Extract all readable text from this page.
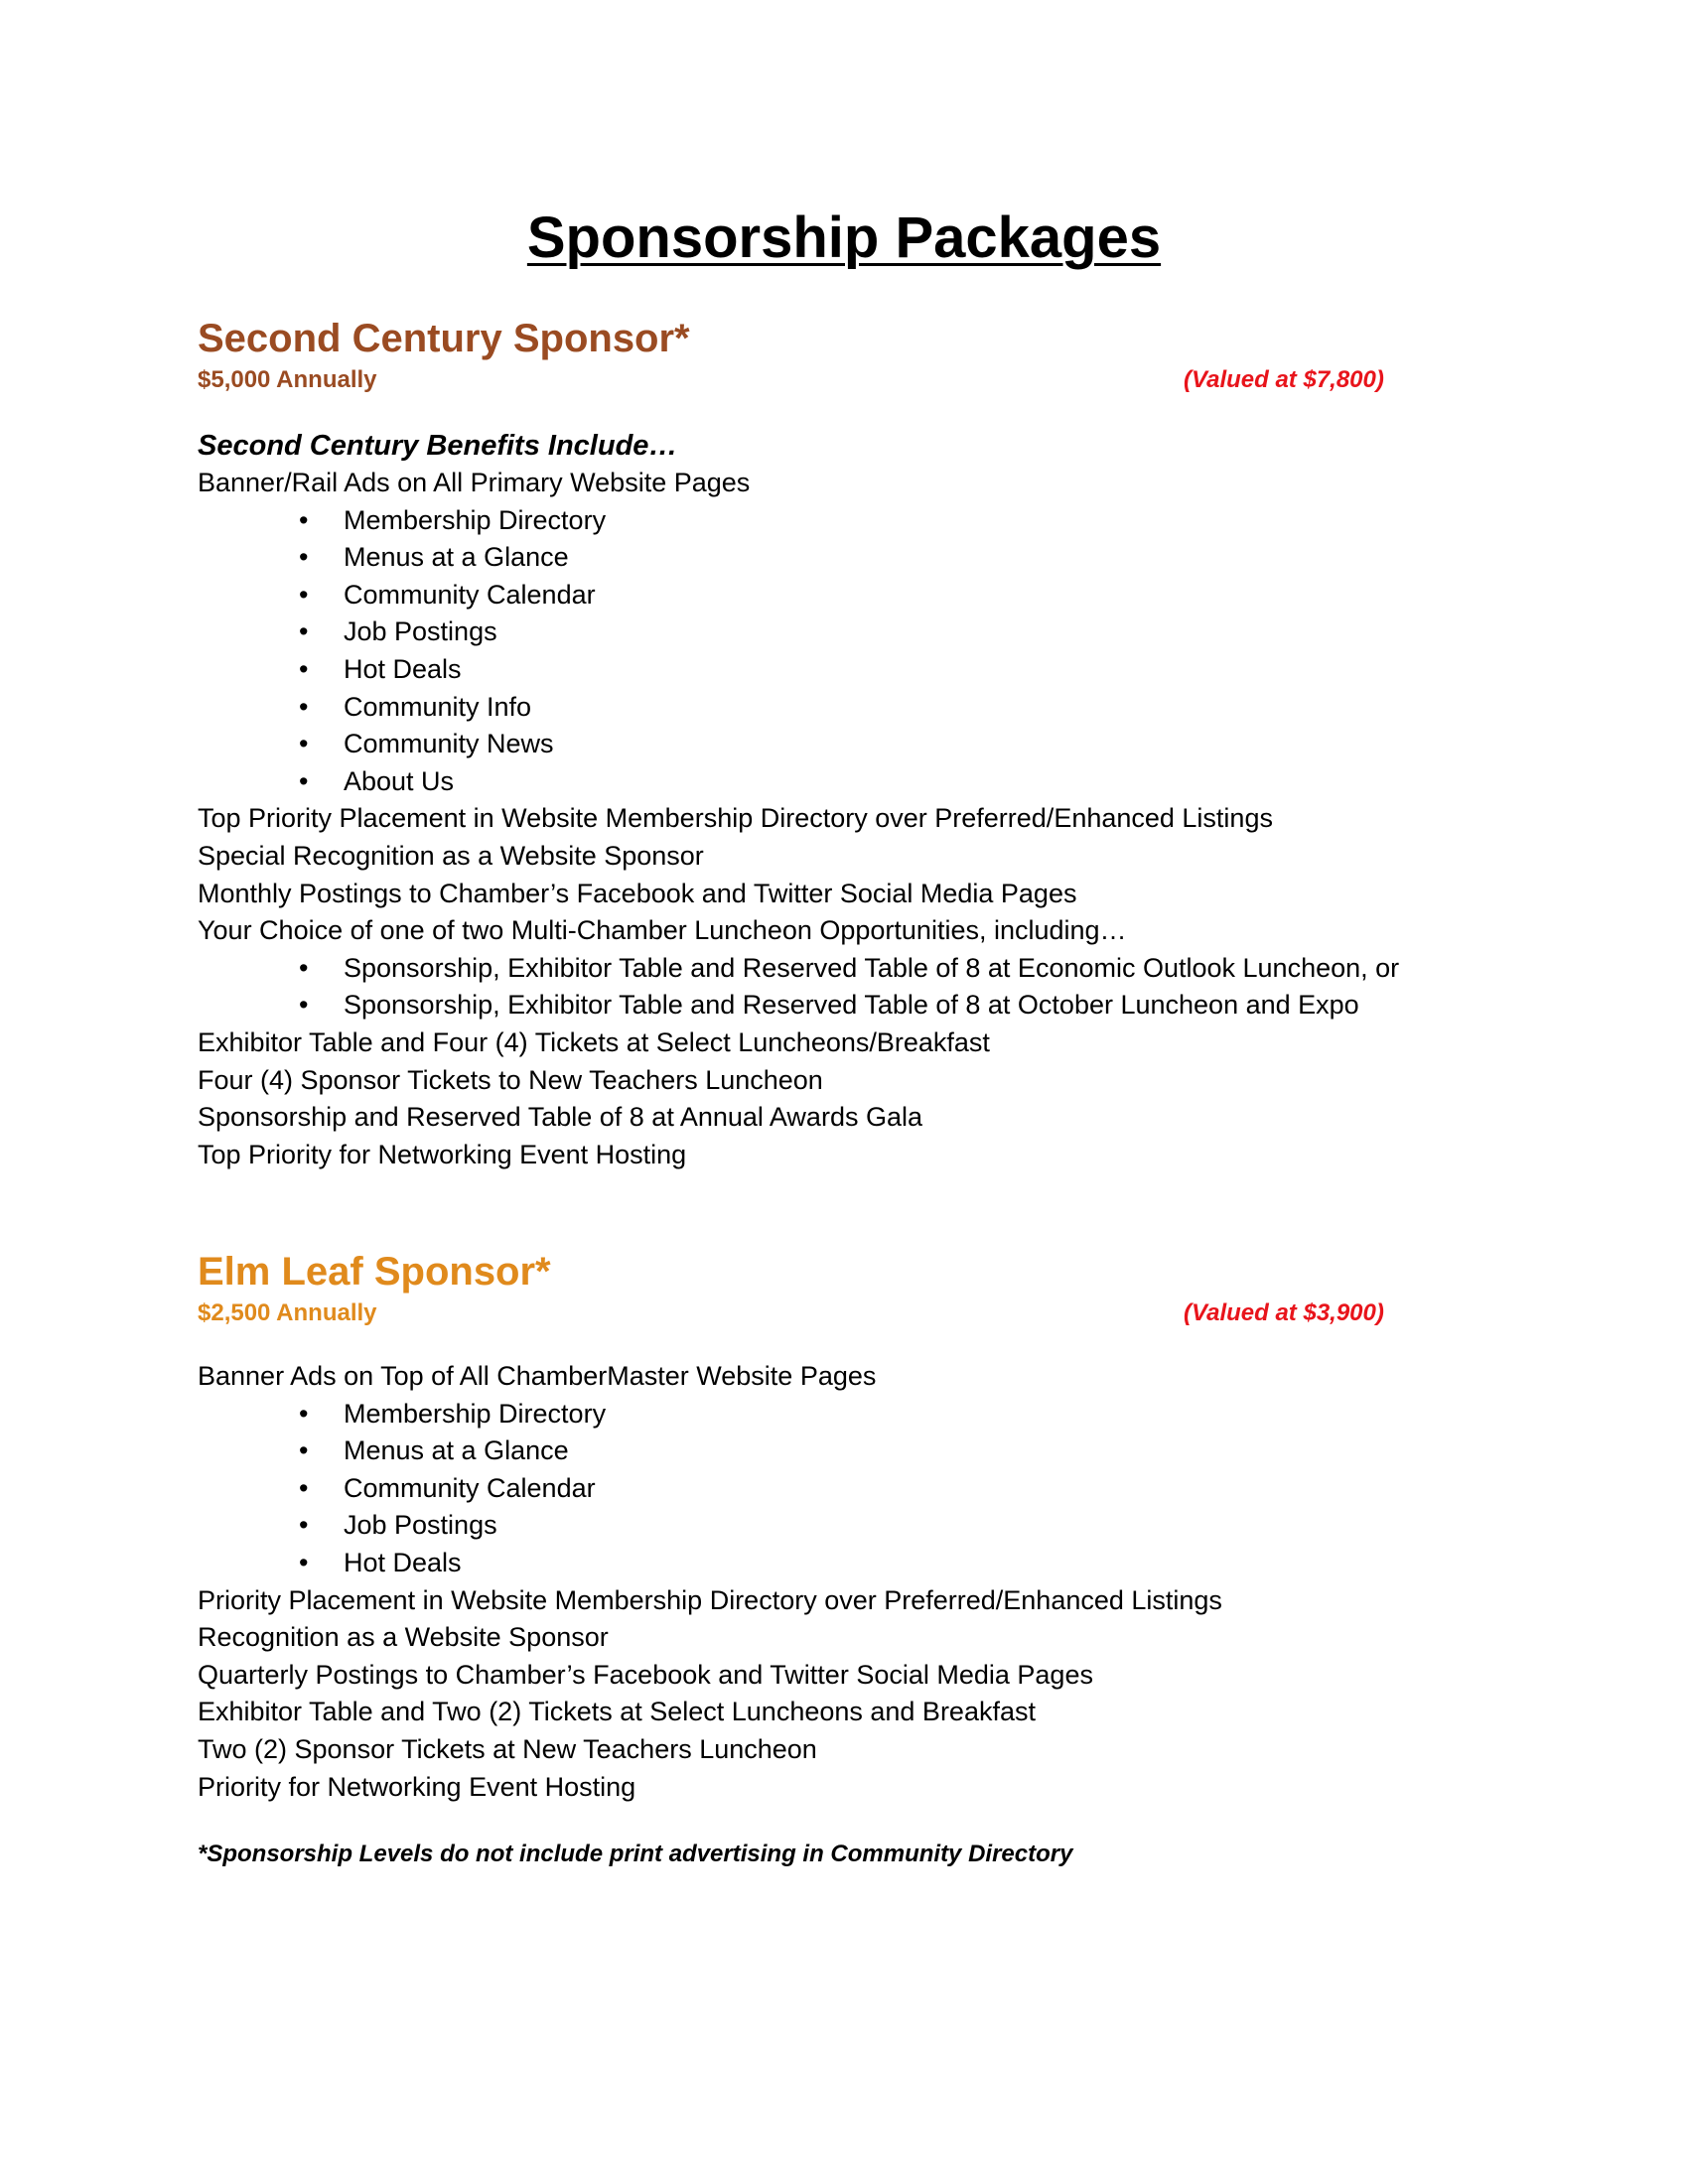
Sponsorship Packages
Second Century Sponsor*
$5,000 Annually	(Valued at $7,800)

Second Century Benefits Include…

Banner/Rail Ads on All Primary Website Pages
• Membership Directory
• Menus at a Glance
• Community Calendar
• Job Postings
• Hot Deals
• Community Info
• Community News
• About Us
Top Priority Placement in Website Membership Directory over Preferred/Enhanced Listings
Special Recognition as a Website Sponsor
Monthly Postings to Chamber’s Facebook and Twitter Social Media Pages
Your Choice of one of two Multi-Chamber Luncheon Opportunities, including…
• Sponsorship, Exhibitor Table and Reserved Table of 8 at Economic Outlook Luncheon, or
• Sponsorship, Exhibitor Table and Reserved Table of 8 at October Luncheon and Expo
Exhibitor Table and Four (4) Tickets at Select Luncheons/Breakfast
Four (4) Sponsor Tickets to New Teachers Luncheon
Sponsorship and Reserved Table of 8 at Annual Awards Gala
Top Priority for Networking Event Hosting
Elm Leaf Sponsor*
$2,500 Annually	(Valued at $3,900)
Banner Ads on Top of All ChamberMaster Website Pages
• Membership Directory
• Menus at a Glance
• Community Calendar
• Job Postings
• Hot Deals
Priority Placement in Website Membership Directory over Preferred/Enhanced Listings
Recognition as a Website Sponsor
Quarterly Postings to Chamber’s Facebook and Twitter Social Media Pages
Exhibitor Table and Two (2) Tickets at Select Luncheons and Breakfast
Two (2) Sponsor Tickets at New Teachers Luncheon
Priority for Networking Event Hosting

*Sponsorship Levels do not include print advertising in Community Directory
